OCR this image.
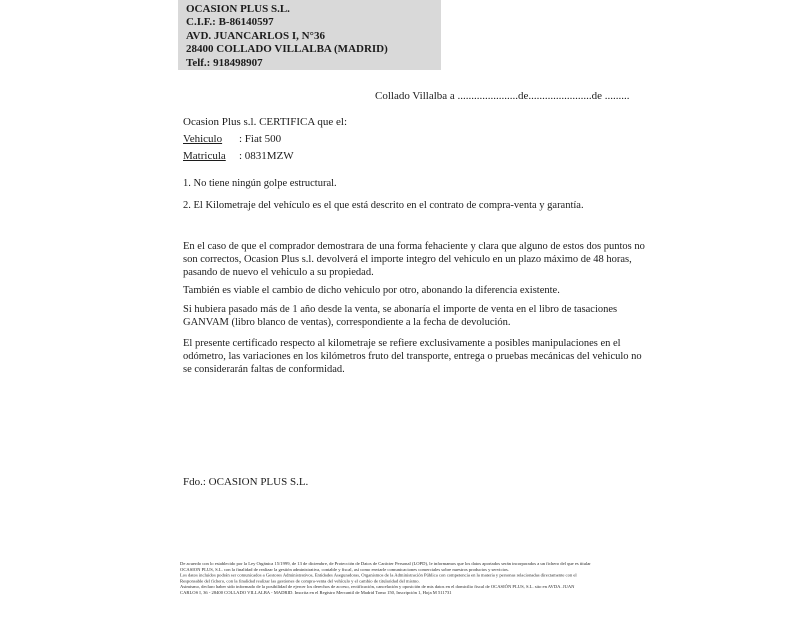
OCASION PLUS S.L.
C.I.F.: B-86140597
AVD. JUANCARLOS I, N°36
28400 COLLADO VILLALBA (MADRID)
Telf.: 918498907
Collado Villalba a ......................de.......................de .........
Ocasion Plus s.l. CERTIFICA que el:
Vehiculo : Fiat 500
Matricula : 0831MZW
1. No tiene ningún golpe estructural.
2. El Kilometraje del vehículo es el que está descrito en el contrato de compra-venta y garantía.
En el caso de que el comprador demostrara de una forma fehaciente y clara que alguno de estos dos puntos no son correctos, Ocasion Plus s.l. devolverá el importe integro del vehiculo en un plazo máximo de 48 horas, pasando de nuevo el vehiculo a su propiedad.
También es viable el cambio de dicho vehiculo por otro, abonando la diferencia existente.
Si hubiera pasado más de 1 año desde la venta, se abonaría el importe de venta en el libro de tasaciones GANVAM (libro blanco de ventas), correspondiente a la fecha de devolución.
El presente certificado respecto al kilometraje se refiere exclusivamente a posibles manipulaciones en el odómetro, las variaciones en los kilómetros fruto del transporte, entrega o pruebas mecánicas del vehiculo no se considerarán faltas de conformidad.
Fdo.: OCASION PLUS S.L.
De acuerdo con lo establecido por la Ley Orgánica 15/1999, de 13 de diciembre, de Protección de Datos de Carácter Personal (LOPD), le informamos que los datos aportados serán incorporados a un fichero del que es titular
OCASION PLUS, S.L. con la finalidad de realizar la gestión administrativa, contable y fiscal, así como enviarle comunicaciones comerciales sobre nuestros productos y servicios.
Los datos incluidos podrán ser comunicados a Gestores Administrativos, Entidades Aseguradoras, Organismos de la Administración Pública con competencia en la materia y personas relacionadas directamente con el
Responsable del fichero, con la finalidad realizar las gestiones de compra-venta del vehículo y el cambio de titularidad del mismo.
Asimismo, declaro haber sido informado de la posibilidad de ejercer los derechos de acceso, rectificación, cancelación y oposición de mis datos en el domicilio fiscal de OCASIÓN PLUS, S.L. sito en AVDA. JUAN
CARLOS I, 36 - 28400 COLLADO VILLALBA - MADRID. Inscrita en el Registro Mercantil de Madrid Tomo 150, Inscripción 1, Hoja M 511731
